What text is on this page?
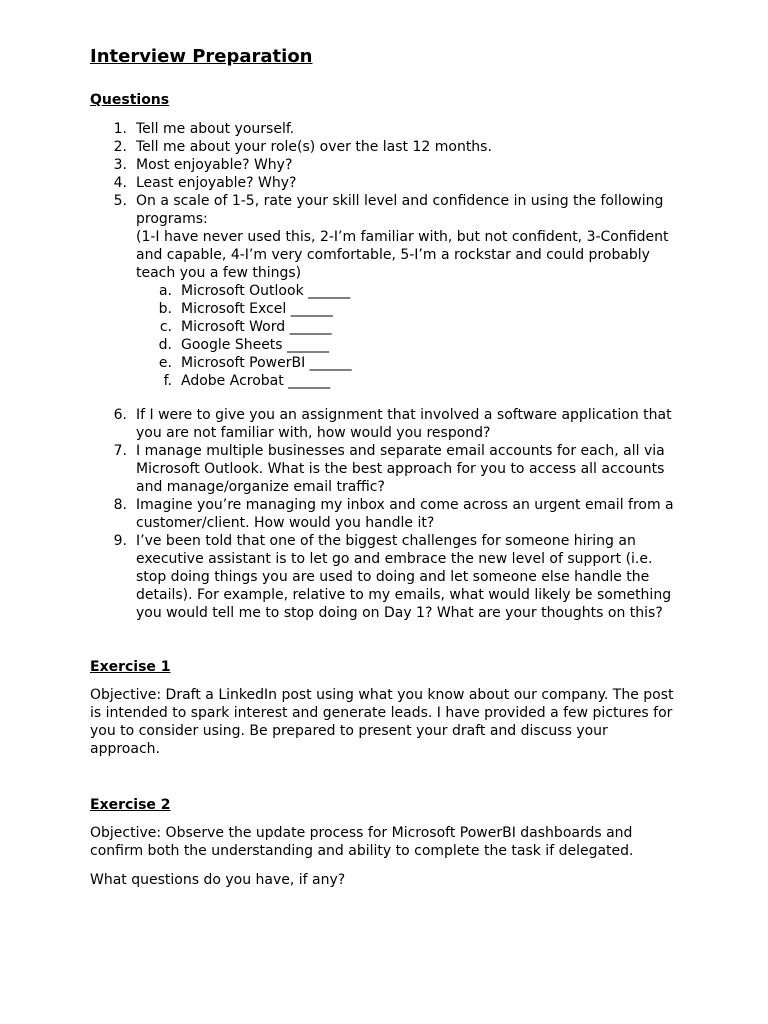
Interview Preparation
Questions
1. Tell me about yourself.
2. Tell me about your role(s) over the last 12 months.
3. Most enjoyable? Why?
4. Least enjoyable? Why?
5. On a scale of 1-5, rate your skill level and confidence in using the following
programs:
(1-I have never used this, 2-I’m familiar with, but not confident, 3-Confident
and capable, 4-I’m very comfortable, 5-I’m a rockstar and could probably
teach you a few things)
a. Microsoft Outlook ______
b. Microsoft Excel ______
c. Microsoft Word ______
d. Google Sheets ______
e. Microsoft PowerBI ______
f. Adobe Acrobat ______
6. If I were to give you an assignment that involved a software application that
you are not familiar with, how would you respond?
7. I manage multiple businesses and separate email accounts for each, all via
Microsoft Outlook. What is the best approach for you to access all accounts
and manage/organize email traffic?
8. Imagine you’re managing my inbox and come across an urgent email from a
customer/client. How would you handle it?
9. I’ve been told that one of the biggest challenges for someone hiring an
executive assistant is to let go and embrace the new level of support (i.e.
stop doing things you are used to doing and let someone else handle the
details). For example, relative to my emails, what would likely be something
you would tell me to stop doing on Day 1? What are your thoughts on this?
Exercise 1
Objective: Draft a LinkedIn post using what you know about our company. The post
is intended to spark interest and generate leads. I have provided a few pictures for
you to consider using. Be prepared to present your draft and discuss your
approach.
Exercise 2
Objective: Observe the update process for Microsoft PowerBI dashboards and
confirm both the understanding and ability to complete the task if delegated.
What questions do you have, if any?
